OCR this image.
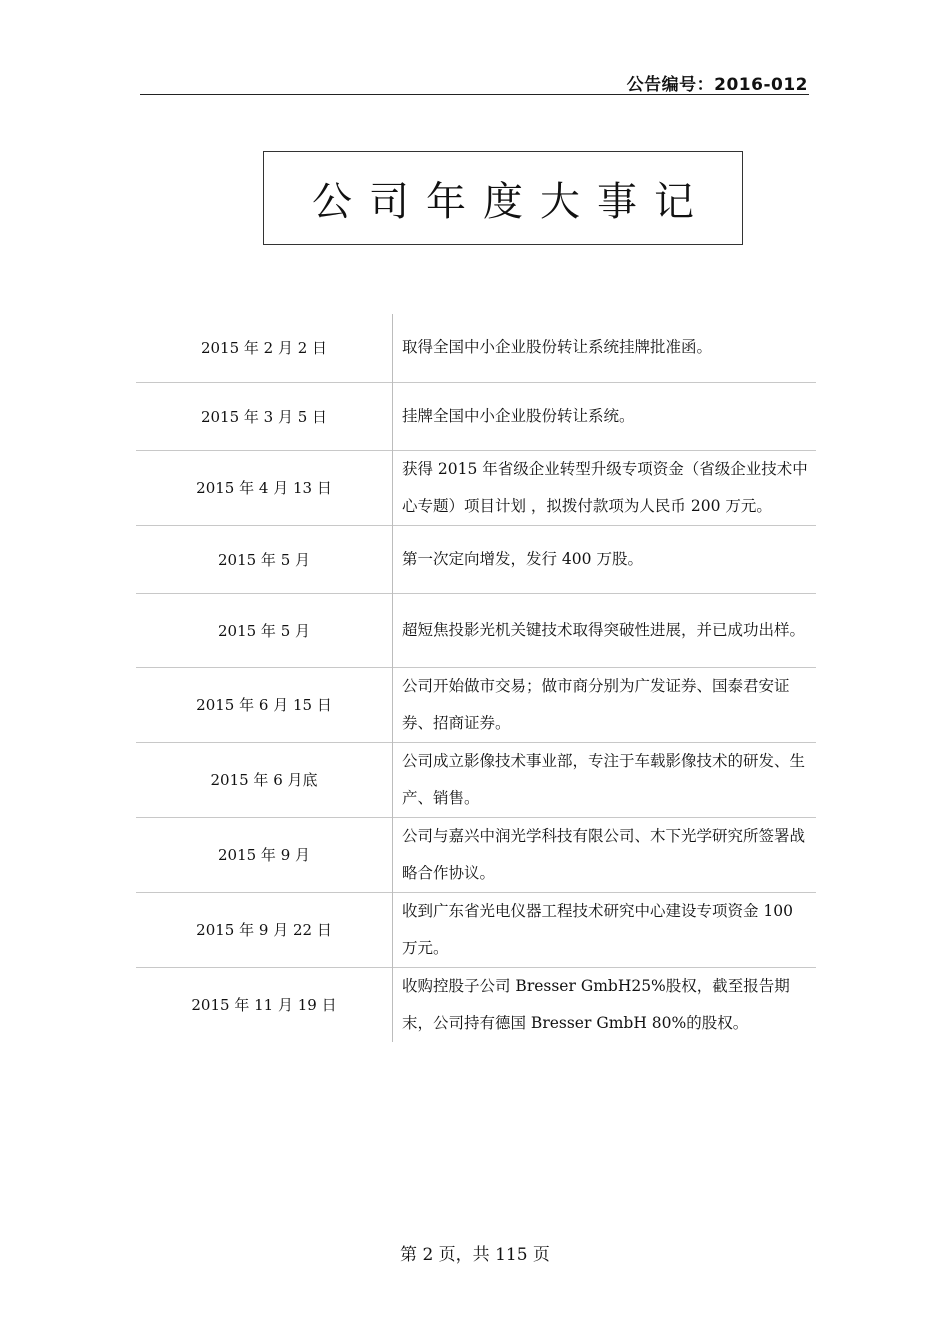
公告编号：2016-012
公司年度大事记
2015 年 2 月 2 日	取得全国中小企业股份转让系统挂牌批准函。
2015 年 3 月 5 日	挂牌全国中小企业股份转让系统。
2015 年 4 月 13 日	获得 2015 年省级企业转型升级专项资金（省级企业技术中心专题）项目计划 ，拟拨付款项为人民币 200 万元。
2015 年 5 月	第一次定向增发，发行 400 万股。
2015 年 5 月	超短焦投影光机关键技术取得突破性进展，并已成功出样。
2015 年 6 月 15 日	公司开始做市交易；做市商分别为广发证券、国泰君安证券、招商证券。
2015 年 6 月底	公司成立影像技术事业部，专注于车载影像技术的研发、生产、销售。
2015 年 9 月	公司与嘉兴中润光学科技有限公司、木下光学研究所签署战略合作协议。
2015 年 9 月 22 日	收到广东省光电仪器工程技术研究中心建设专项资金 100 万元。
2015 年 11 月 19 日	收购控股子公司 Bresser GmbH25%股权，截至报告期末，公司持有德国 Bresser GmbH 80%的股权。
第 2 页，共 115 页
